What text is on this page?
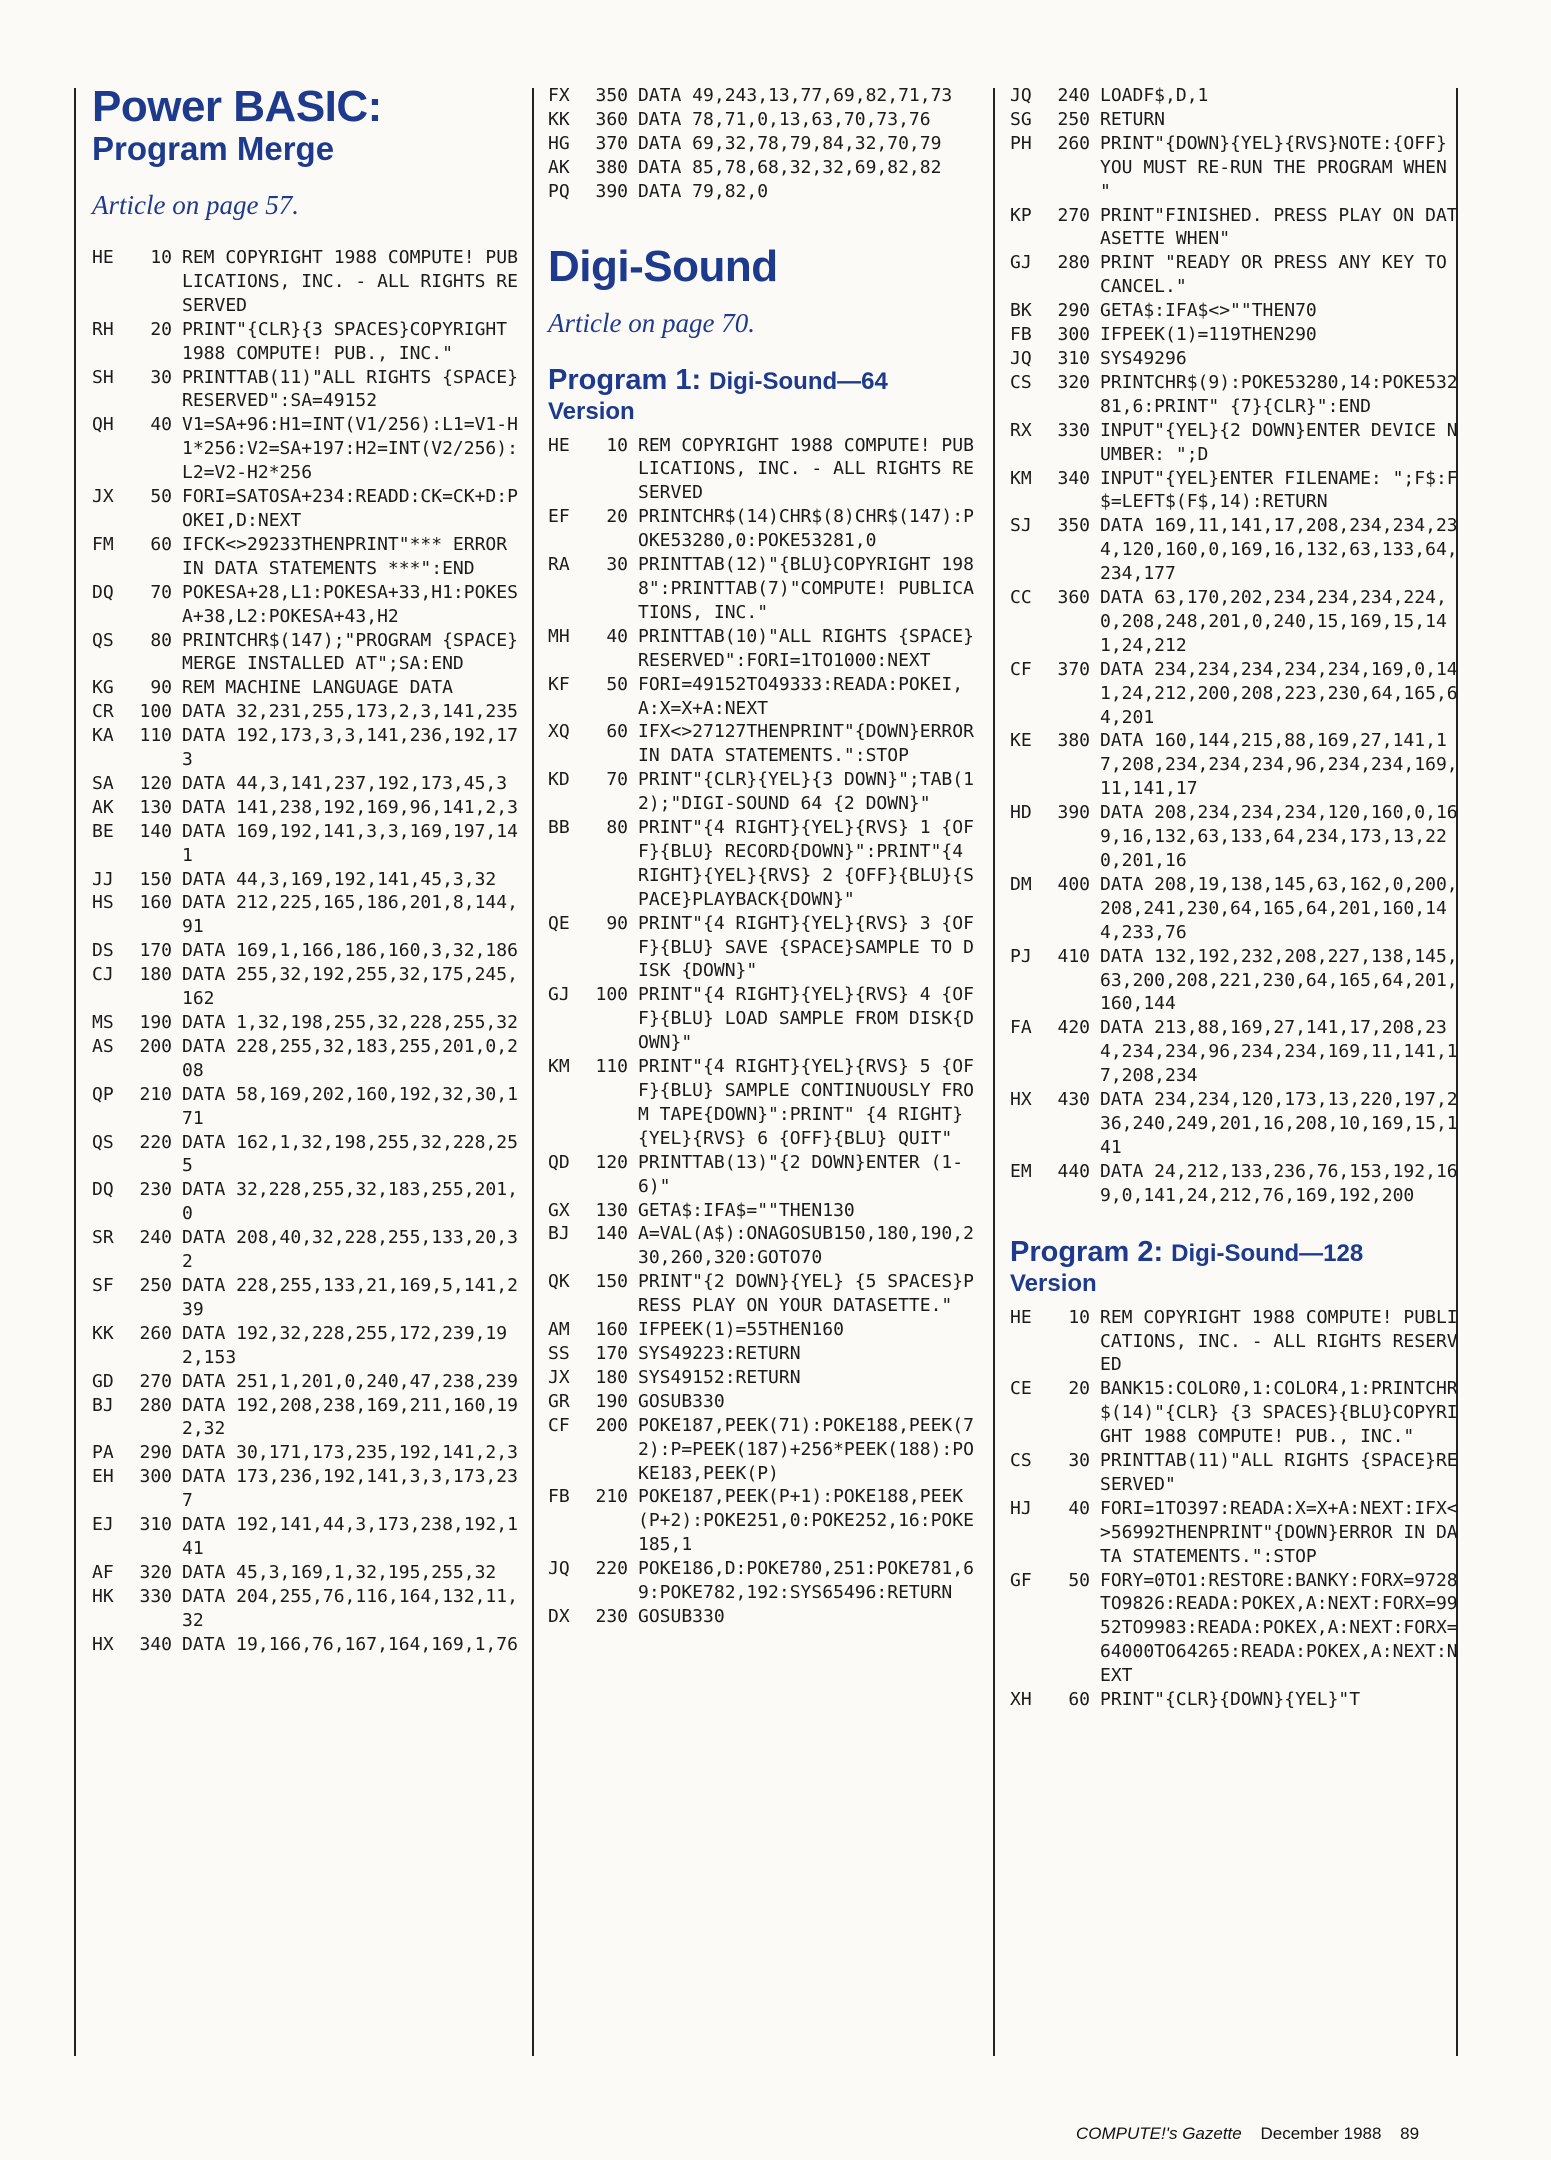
Power BASIC:
Program Merge
Article on page 57.
HE	10 REM COPYRIGHT 1988 COMPUTE! PUBLICATIONS, INC. - ALL RIGHTS RESERVED
RH	20 PRINT"{CLR}{3 SPACES}COPYRIGHT 1988 COMPUTE! PUB., INC."
SH	30 PRINTTAB(11)"ALL RIGHTS {SPACE}RESERVED":SA=49152
QH	40 V1=SA+96:H1=INT(V1/256):L1=V1-H1*256:V2=SA+197:H2=INT(V2/256):L2=V2-H2*256
JX	50 FORI=SATOSA+234:READD:CK=CK+D:POKEI,D:NEXT
FM	60 IFCK<>29233THENPRINT"*** ERROR IN DATA STATEMENTS ***":END
DQ	70 POKESA+28,L1:POKESA+33,H1:POKESA+38,L2:POKESA+43,H2
QS	80 PRINTCHR$(147);"PROGRAM {SPACE}MERGE INSTALLED AT";SA:END
KG	90 REM MACHINE LANGUAGE DATA
CR	100 DATA 32,231,255,173,2,3,141,235
KA	110 DATA 192,173,3,3,141,236,192,173
SA	120 DATA 44,3,141,237,192,173,45,3
AK	130 DATA 141,238,192,169,96,141,2,3
BE	140 DATA 169,192,141,3,3,169,197,141
JJ	150 DATA 44,3,169,192,141,45,3,32
HS	160 DATA 212,225,165,186,201,8,144,91
DS	170 DATA 169,1,166,186,160,3,32,186
CJ	180 DATA 255,32,192,255,32,175,245,162
MS	190 DATA 1,32,198,255,32,228,255,32
AS	200 DATA 228,255,32,183,255,201,0,208
QP	210 DATA 58,169,202,160,192,32,30,171
QS	220 DATA 162,1,32,198,255,32,228,255
DQ	230 DATA 32,228,255,32,183,255,201,0
SR	240 DATA 208,40,32,228,255,133,20,32
SF	250 DATA 228,255,133,21,169,5,141,239
KK	260 DATA 192,32,228,255,172,239,192,153
GD	270 DATA 251,1,201,0,240,47,238,239
BJ	280 DATA 192,208,238,169,211,160,192,32
PA	290 DATA 30,171,173,235,192,141,2,3
EH	300 DATA 173,236,192,141,3,3,173,237
EJ	310 DATA 192,141,44,3,173,238,192,141
AF	320 DATA 45,3,169,1,32,195,255,32
HK	330 DATA 204,255,76,116,164,132,11,32
HX	340 DATA 19,166,76,167,164,169,1,76
FX	350 DATA 49,243,13,77,69,82,71,73
KK	360 DATA 78,71,0,13,63,70,73,76
HG	370 DATA 69,32,78,79,84,32,70,79
AK	380 DATA 85,78,68,32,32,69,82,82
PQ	390 DATA 79,82,0
Digi-Sound
Article on page 70.
Program 1: Digi-Sound—64
Version
HE	10 REM COPYRIGHT 1988 COMPUTE! PUBLICATIONS, INC. - ALL RIGHTS RESERVED
EF	20 PRINTCHR$(14)CHR$(8)CHR$(147):POKE53280,0:POKE53281,0
RA	30 PRINTTAB(12)"{BLU}COPYRIGHT 1988":PRINTTAB(7)"COMPUTE! PUBLICATIONS, INC."
MH	40 PRINTTAB(10)"ALL RIGHTS {SPACE}RESERVED":FORI=1TO1000:NEXT
KF	50 FORI=49152TO49333:READA:POKEI,A:X=X+A:NEXT
XQ	60 IFX<>27127THENPRINT"{DOWN}ERROR IN DATA STATEMENTS.":STOP
KD	70 PRINT"{CLR}{YEL}{3 DOWN}";TAB(12);"DIGI-SOUND 64 {2 DOWN}"
BB	80 PRINT"{4 RIGHT}{YEL}{RVS} 1 {OFF}{BLU} RECORD{DOWN}":PRINT"{4 RIGHT}{YEL}{RVS} 2 {OFF}{BLU}{SPACE}PLAYBACK{DOWN}"
QE	90 PRINT"{4 RIGHT}{YEL}{RVS} 3 {OFF}{BLU} SAVE {SPACE}SAMPLE TO DISK {DOWN}"
GJ	100 PRINT"{4 RIGHT}{YEL}{RVS} 4 {OFF}{BLU} LOAD SAMPLE FROM DISK{DOWN}"
KM	110 PRINT"{4 RIGHT}{YEL}{RVS} 5 {OFF}{BLU} SAMPLE CONTINUOUSLY FROM TAPE{DOWN}":PRINT" {4 RIGHT}{YEL}{RVS} 6 {OFF}{BLU} QUIT"
QD	120 PRINTTAB(13)"{2 DOWN}ENTER (1-6)"
GX	130 GETA$:IFA$=""THEN130
BJ	140 A=VAL(A$):ONAGOSUB150,180,190,230,260,320:GOTO70
QK	150 PRINT"{2 DOWN}{YEL} {5 SPACES}PRESS PLAY ON YOUR DATASETTE."
AM	160 IFPEEK(1)=55THEN160
SS	170 SYS49223:RETURN
JX	180 SYS49152:RETURN
GR	190 GOSUB330
CF	200 POKE187,PEEK(71):POKE188,PEEK(72):P=PEEK(187)+256*PEEK(188):POKE183,PEEK(P)
FB	210 POKE187,PEEK(P+1):POKE188,PEEK(P+2):POKE251,0:POKE252,16:POKE185,1
JQ	220 POKE186,D:POKE780,251:POKE781,69:POKE782,192:SYS65496:RETURN
DX	230 GOSUB330
JQ	240 LOADF$,D,1
SG	250 RETURN
PH	260 PRINT"{DOWN}{YEL}{RVS}NOTE:{OFF} YOU MUST RE-RUN THE PROGRAM WHEN "
KP	270 PRINT"FINISHED. PRESS PLAY ON DATASETTE WHEN"
GJ	280 PRINT "READY OR PRESS ANY KEY TO CANCEL."
BK	290 GETA$:IFA$<>""THEN70
FB	300 IFPEEK(1)=119THEN290
JQ	310 SYS49296
CS	320 PRINTCHR$(9):POKE53280,14:POKE53281,6:PRINT" {7}{CLR}":END
RX	330 INPUT"{YEL}{2 DOWN}ENTER DEVICE NUMBER: ";D
KM	340 INPUT"{YEL}ENTER FILENAME: ";F$:F$=LEFT$(F$,14):RETURN
SJ	350 DATA 169,11,141,17,208,234,234,234,120,160,0,169,16,132,63,133,64,234,177
CC	360 DATA 63,170,202,234,234,234,224,0,208,248,201,0,240,15,169,15,141,24,212
CF	370 DATA 234,234,234,234,234,169,0,141,24,212,200,208,223,230,64,165,64,201
KE	380 DATA 160,144,215,88,169,27,141,17,208,234,234,234,96,234,234,169,11,141,17
HD	390 DATA 208,234,234,234,120,160,0,169,16,132,63,133,64,234,173,13,220,201,16
DM	400 DATA 208,19,138,145,63,162,0,200,208,241,230,64,165,64,201,160,144,233,76
PJ	410 DATA 132,192,232,208,227,138,145,63,200,208,221,230,64,165,64,201,160,144
FA	420 DATA 213,88,169,27,141,17,208,234,234,234,96,234,234,169,11,141,17,208,234
HX	430 DATA 234,234,120,173,13,220,197,236,240,249,201,16,208,10,169,15,141
EM	440 DATA 24,212,133,236,76,153,192,169,0,141,24,212,76,169,192,200
Program 2: Digi-Sound—128
Version
HE	10 REM COPYRIGHT 1988 COMPUTE! PUBLICATIONS, INC. - ALL RIGHTS RESERVED
CE	20 BANK15:COLOR0,1:COLOR4,1:PRINTCHR$(14)"{CLR} {3 SPACES}{BLU}COPYRIGHT 1988 COMPUTE! PUB., INC."
CS	30 PRINTTAB(11)"ALL RIGHTS {SPACE}RESERVED"
HJ	40 FORI=1TO397:READA:X=X+A:NEXT:IFX<>56992THENPRINT"{DOWN}ERROR IN DATA STATEMENTS.":STOP
GF	50 FORY=0TO1:RESTORE:BANKY:FORX=9728TO9826:READA:POKEX,A:NEXT:FORX=9952TO9983:READA:POKEX,A:NEXT:FORX=64000TO64265:READA:POKEX,A:NEXT:NEXT
XH	60 PRINT"{CLR}{DOWN}{YEL}"T
COMPUTE!'s Gazette December 1988 89
